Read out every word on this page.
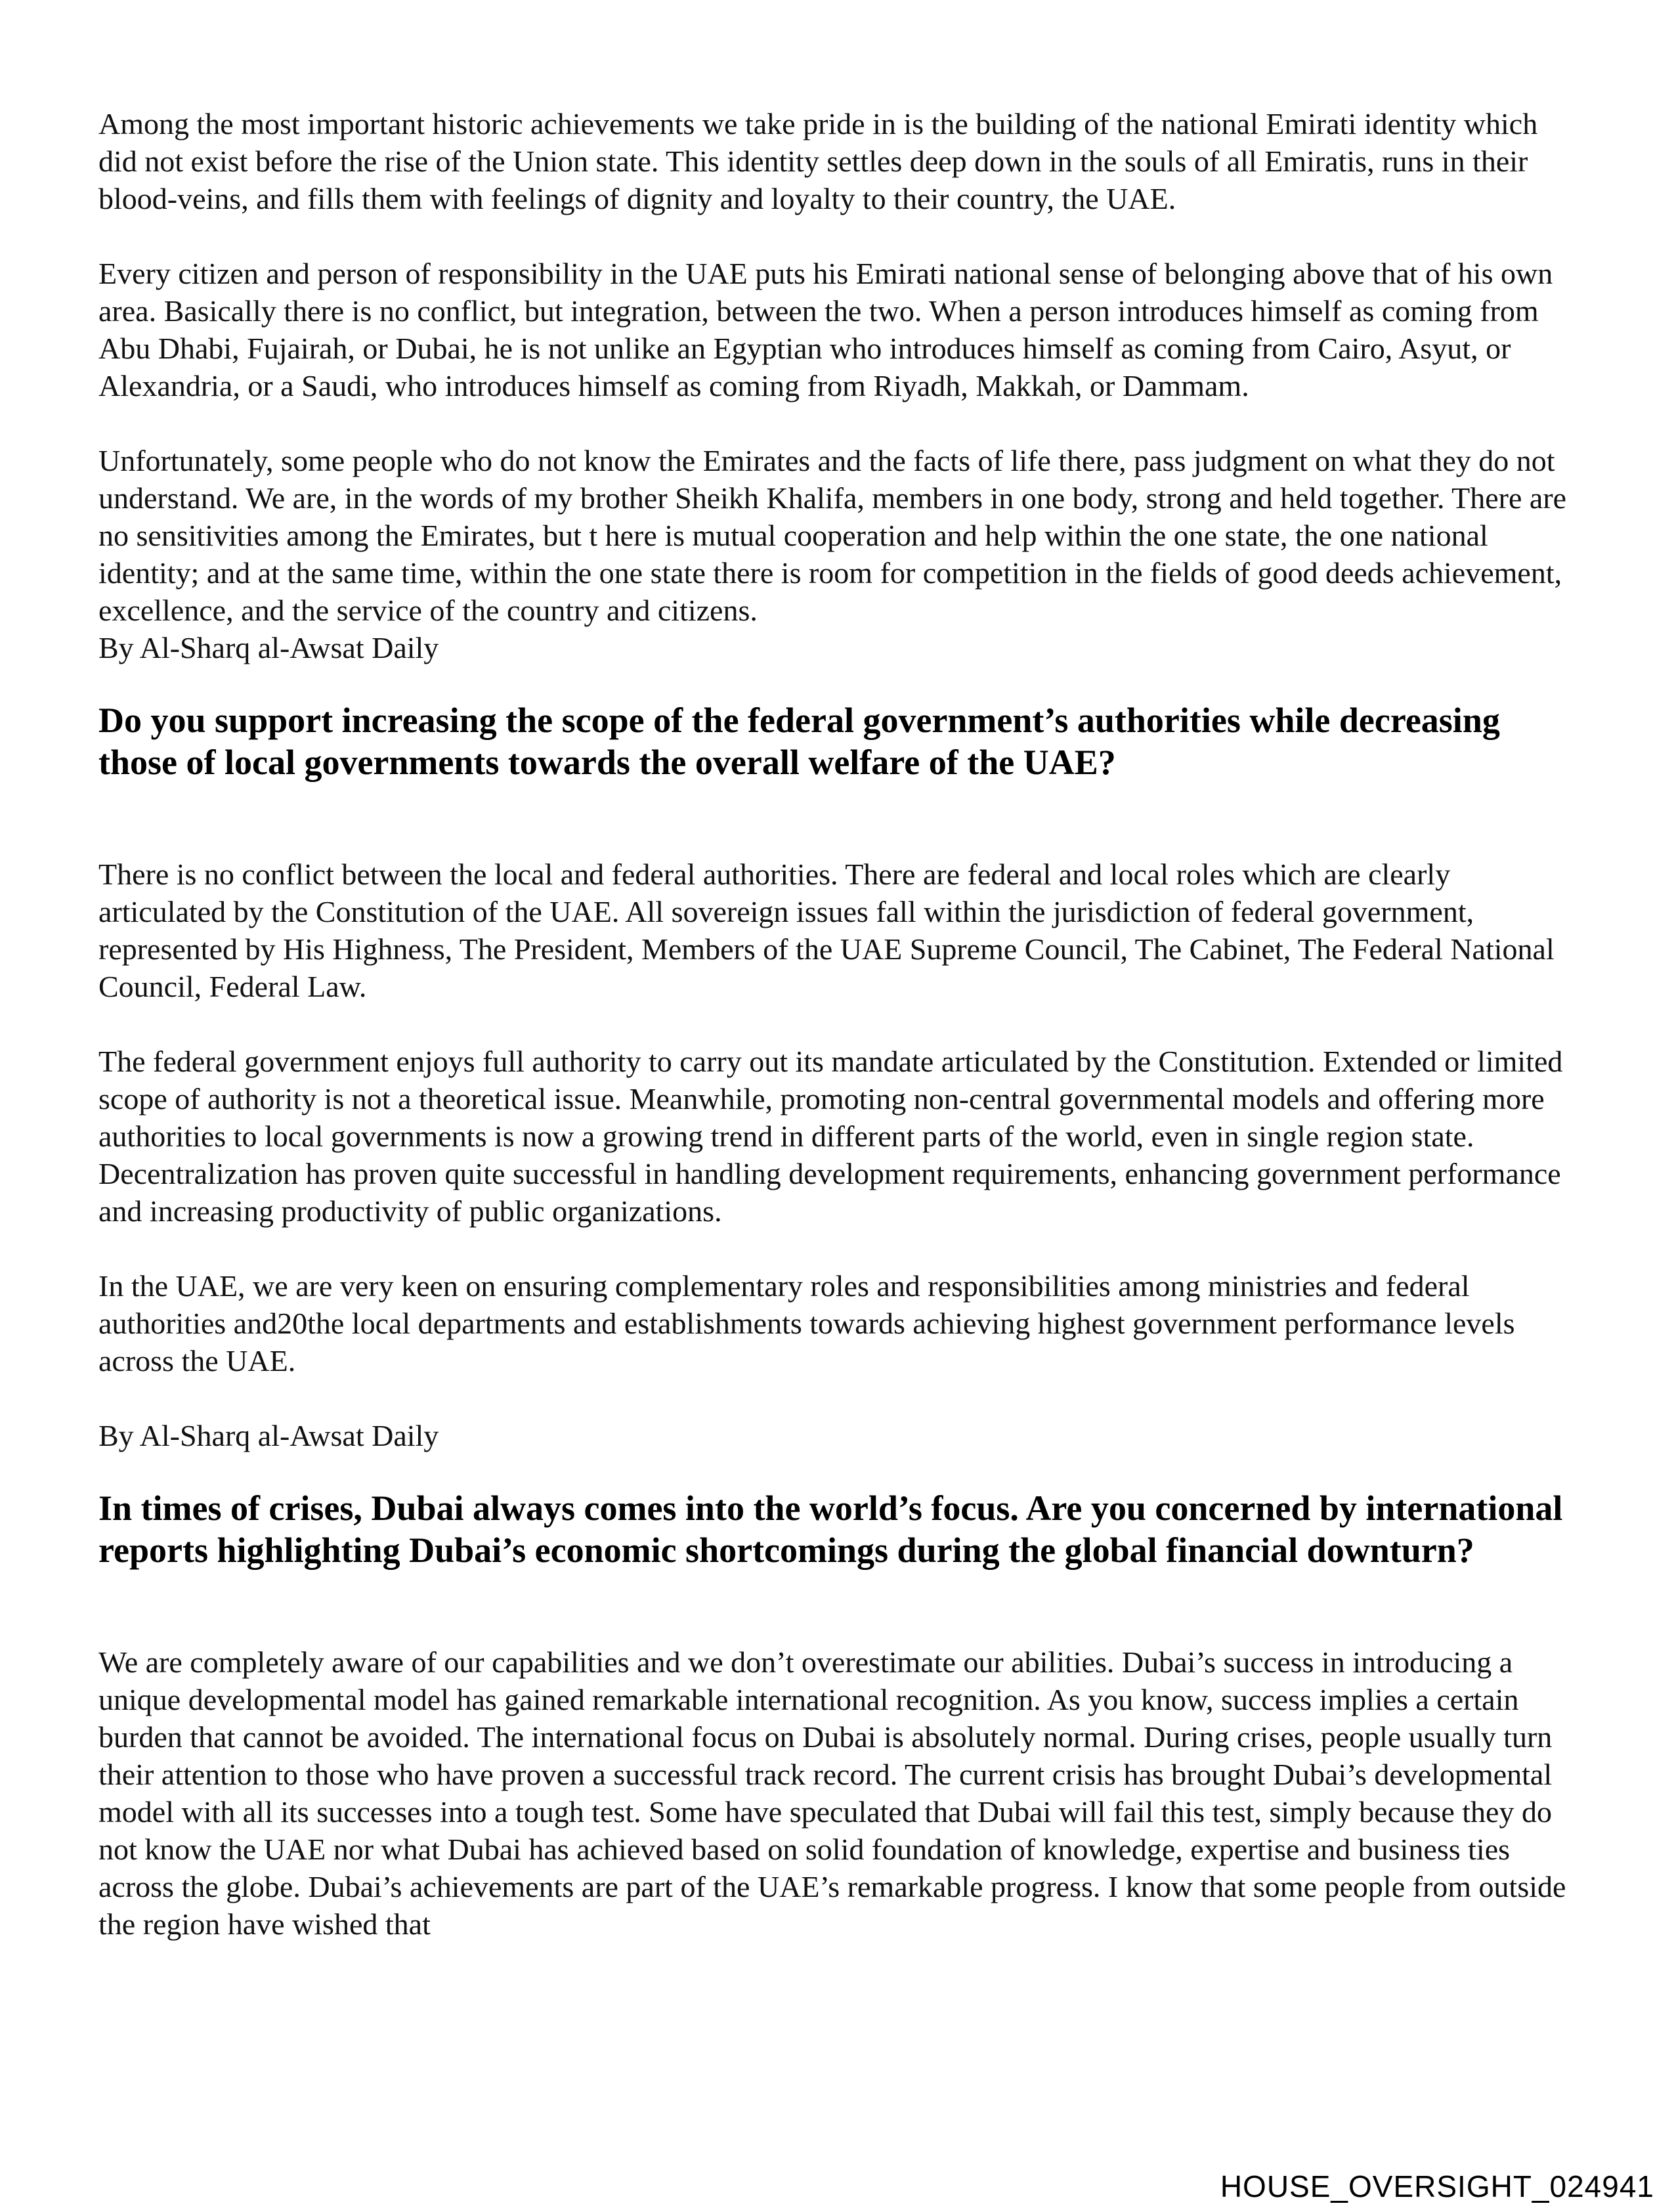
Among the most important historic achievements we take pride in is the building of the national Emirati identity which did not exist before the rise of the Union state. This identity settles deep down in the souls of all Emiratis, runs in their blood-veins, and fills them with feelings of dignity and loyalty to their country, the UAE.

Every citizen and person of responsibility in the UAE puts his Emirati national sense of belonging above that of his own area. Basically there is no conflict, but integration, between the two. When a person introduces himself as coming from Abu Dhabi, Fujairah, or Dubai, he is not unlike an Egyptian who introduces himself as coming from Cairo, Asyut, or Alexandria, or a Saudi, who introduces himself as coming from Riyadh, Makkah, or Dammam.

Unfortunately, some people who do not know the Emirates and the facts of life there, pass judgment on what they do not understand. We are, in the words of my brother Sheikh Khalifa, members in one body, strong and held together. There are no sensitivities among the Emirates, but t here is mutual cooperation and help within the one state, the one national identity; and at the same time, within the one state there is room for competition in the fields of good deeds achievement, excellence, and the service of the country and citizens.

By Al-Sharq al-Awsat Daily

Do you support increasing the scope of the federal government’s authorities while decreasing those of local governments towards the overall welfare of the UAE?

There is no conflict between the local and federal authorities. There are federal and local roles which are clearly articulated by the Constitution of the UAE. All sovereign issues fall within the jurisdiction of federal government, represented by His Highness, The President, Members of the UAE Supreme Council, The Cabinet, The Federal National Council, Federal Law.

The federal government enjoys full authority to carry out its mandate articulated by the Constitution. Extended or limited scope of authority is not a theoretical issue. Meanwhile, promoting non-central governmental models and offering more authorities to local governments is now a growing trend in different parts of the world, even in single region state. Decentralization has proven quite successful in handling development requirements, enhancing government performance and increasing productivity of public organizations.

In the UAE, we are very keen on ensuring complementary roles and responsibilities among ministries and federal authorities and20the local departments and establishments towards achieving highest government performance levels across the UAE.

By Al-Sharq al-Awsat Daily

In times of crises, Dubai always comes into the world’s focus. Are you concerned by international reports highlighting Dubai’s economic shortcomings during the global financial downturn?

We are completely aware of our capabilities and we don’t overestimate our abilities. Dubai’s success in introducing a unique developmental model has gained remarkable international recognition. As you know, success implies a certain burden that cannot be avoided. The international focus on Dubai is absolutely normal. During crises, people usually turn their attention to those who have proven a successful track record. The current crisis has brought Dubai’s developmental model with all its successes into a tough test. Some have speculated that Dubai will fail this test, simply because they do not know the UAE nor what Dubai has achieved based on solid foundation of knowledge, expertise and business ties across the globe. Dubai’s achievements are part of the UAE’s remarkable progress. I know that some people from outside the region have wished that

HOUSE_OVERSIGHT_024941
